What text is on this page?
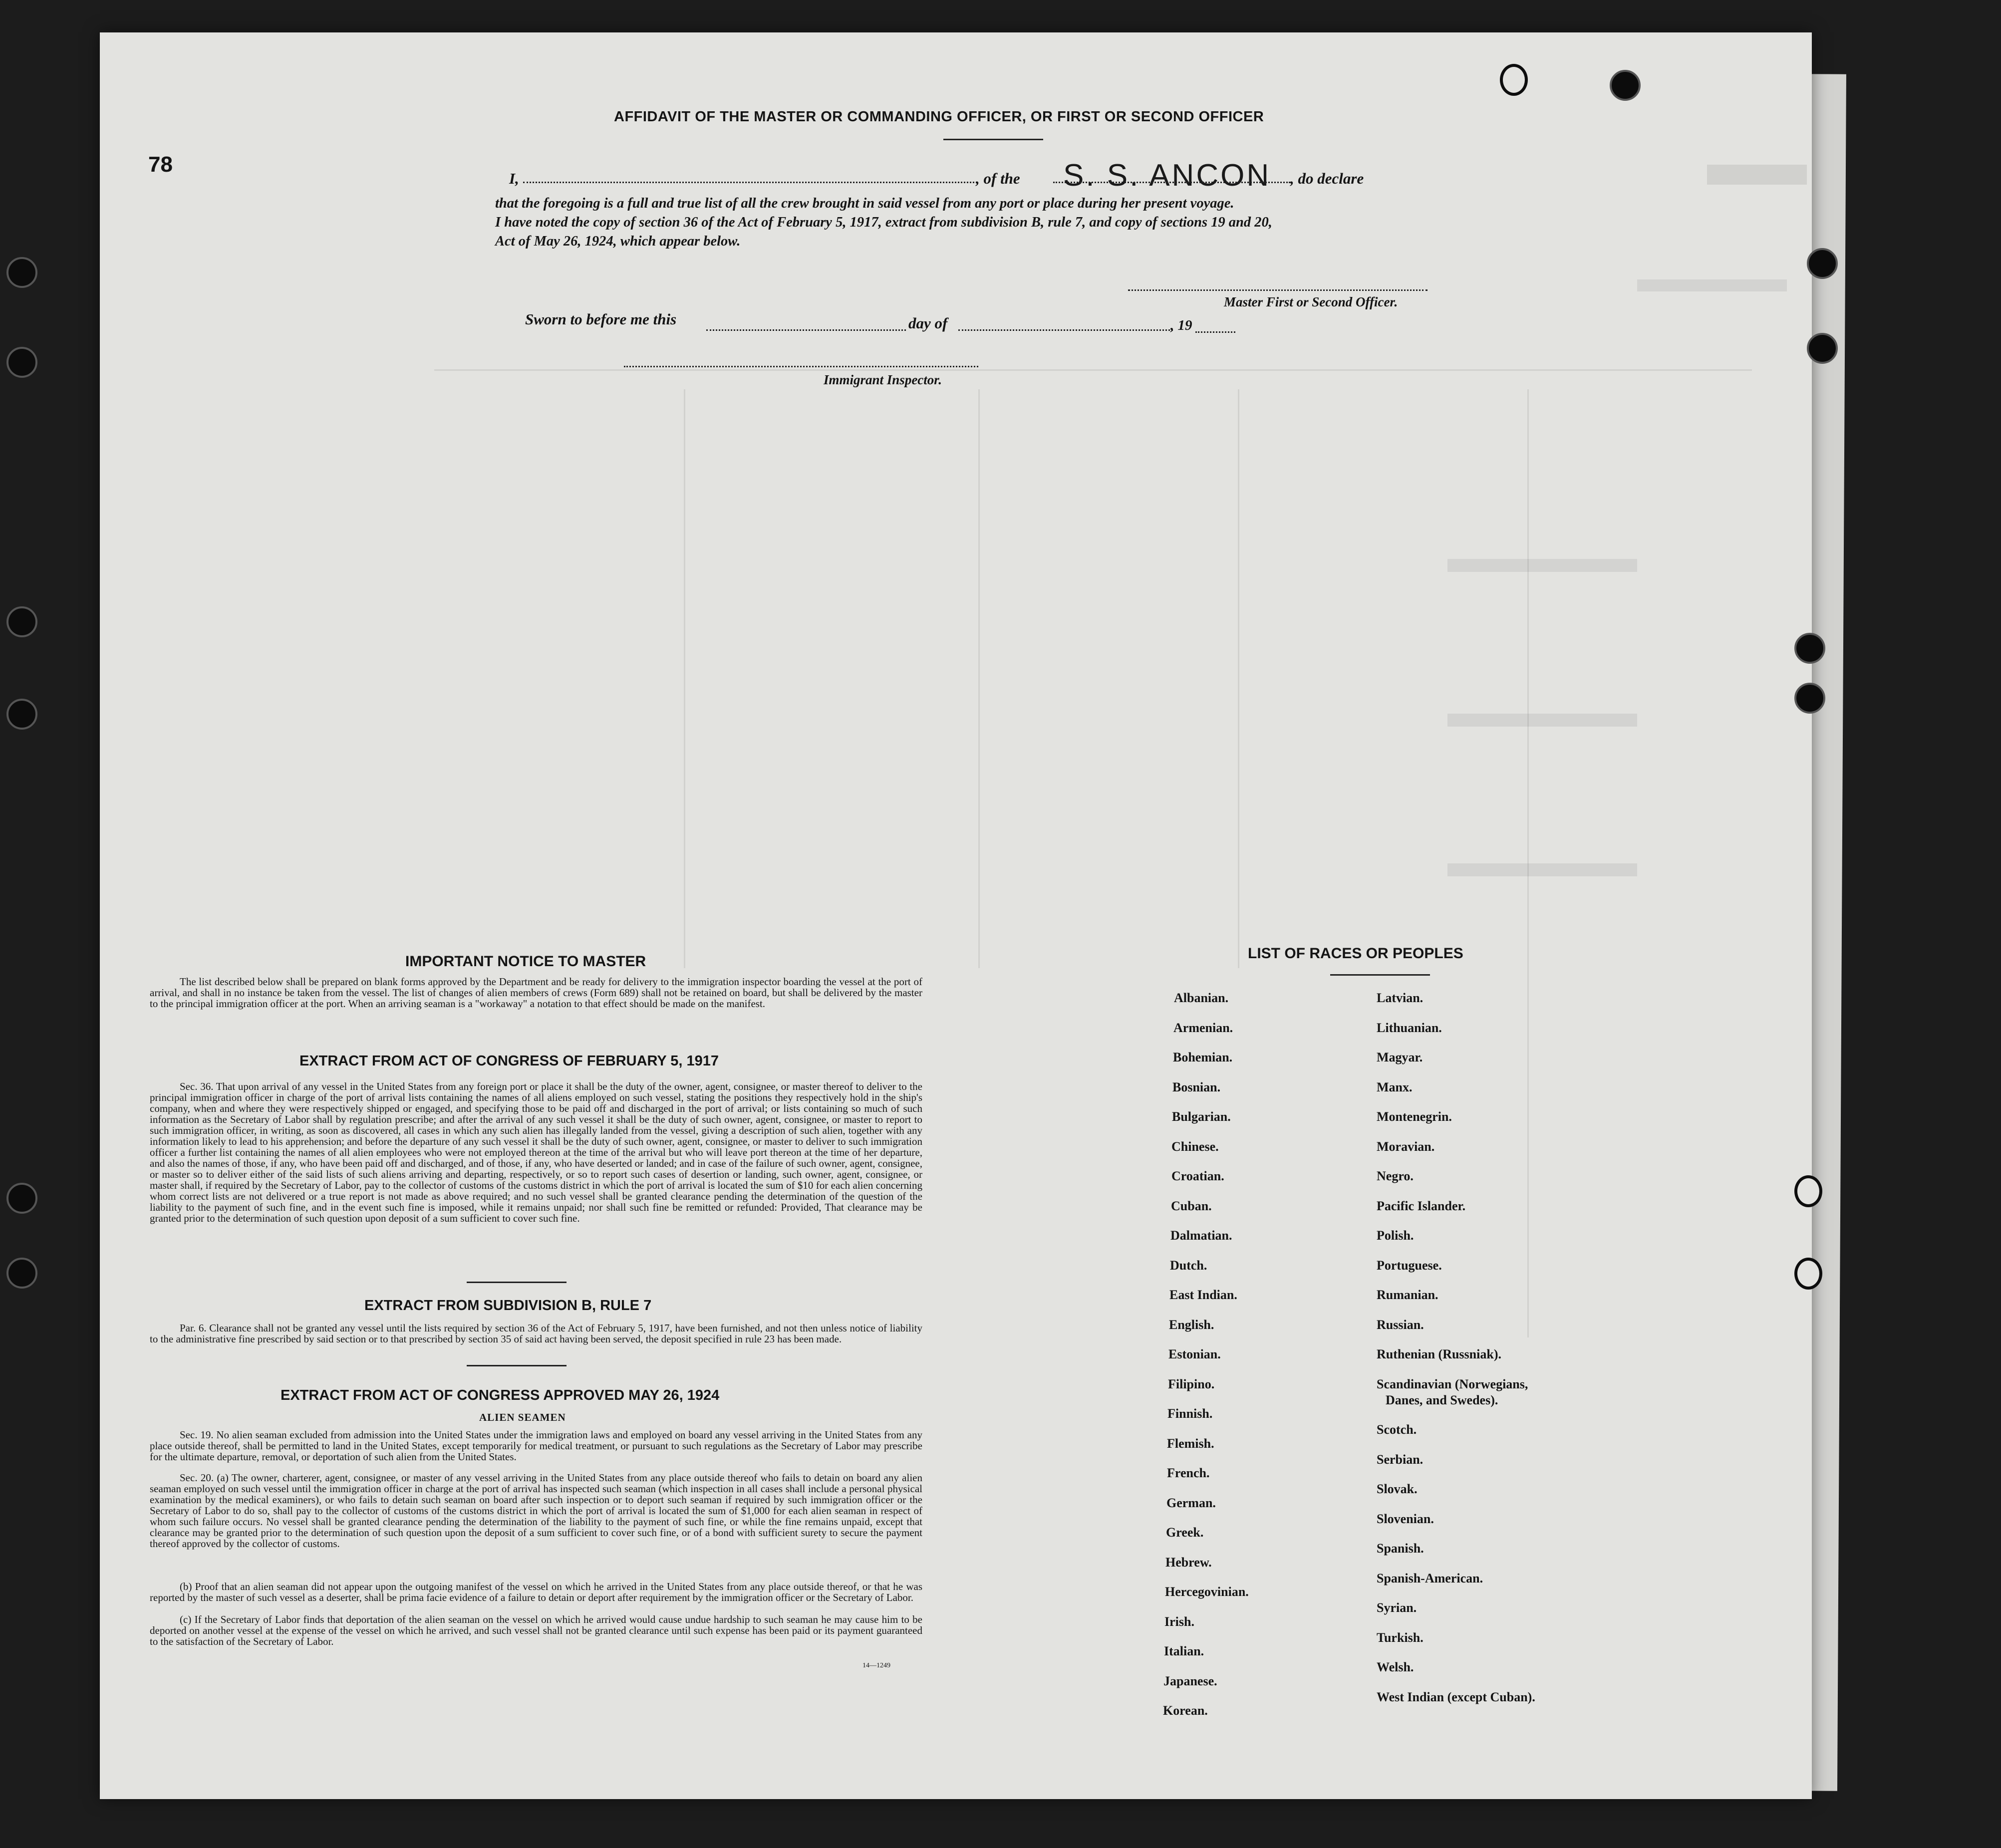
78
AFFIDAVIT OF THE MASTER OR COMMANDING OFFICER, OR FIRST OR SECOND OFFICER
I,	, of the S. S. ANCON , do declare
that the foregoing is a full and true list of all the crew brought in said vessel from any port or place during her present voyage.
I have noted the copy of section 36 of the Act of February 5, 1917, extract from subdivision B, rule 7, and copy of sections 19 and 20,
Act of May 26, 1924, which appear below.
Master First or Second Officer.
Sworn to before me this	day of	, 19
Immigrant Inspector.
IMPORTANT NOTICE TO MASTER
The list described below shall be prepared on blank forms approved by the Department and be ready for delivery to the immigration inspector boarding the vessel at the port of arrival, and shall in no instance be taken from the vessel. The list of changes of alien members of crews (Form 689) shall not be retained on board, but shall be delivered by the master to the principal immigration officer at the port. When an arriving seaman is a "workaway" a notation to that effect should be made on the manifest.
EXTRACT FROM ACT OF CONGRESS OF FEBRUARY 5, 1917
Sec. 36. That upon arrival of any vessel in the United States from any foreign port or place it shall be the duty of the owner, agent, consignee, or master thereof to deliver to the principal immigration officer in charge of the port of arrival lists containing the names of all aliens employed on such vessel, stating the positions they respectively hold in the ship's company, when and where they were respectively shipped or engaged, and specifying those to be paid off and discharged in the port of arrival; or lists containing so much of such information as the Secretary of Labor shall by regulation prescribe; and after the arrival of any such vessel it shall be the duty of such owner, agent, consignee, or master to report to such immigration officer, in writing, as soon as discovered, all cases in which any such alien has illegally landed from the vessel, giving a description of such alien, together with any information likely to lead to his apprehension; and before the departure of any such vessel it shall be the duty of such owner, agent, consignee, or master to deliver to such immigration officer a further list containing the names of all alien employees who were not employed thereon at the time of the arrival but who will leave port thereon at the time of her departure, and also the names of those, if any, who have been paid off and discharged, and of those, if any, who have deserted or landed; and in case of the failure of such owner, agent, consignee, or master so to deliver either of the said lists of such aliens arriving and departing, respectively, or so to report such cases of desertion or landing, such owner, agent, consignee, or master shall, if required by the Secretary of Labor, pay to the collector of customs of the customs district in which the port of arrival is located the sum of $10 for each alien concerning whom correct lists are not delivered or a true report is not made as above required; and no such vessel shall be granted clearance pending the determination of the question of the liability to the payment of such fine, and in the event such fine is imposed, while it remains unpaid; nor shall such fine be remitted or refunded: Provided, That clearance may be granted prior to the determination of such question upon deposit of a sum sufficient to cover such fine.
EXTRACT FROM SUBDIVISION B, RULE 7
Par. 6. Clearance shall not be granted any vessel until the lists required by section 36 of the Act of February 5, 1917, have been furnished, and not then unless notice of liability to the administrative fine prescribed by said section or to that prescribed by section 35 of said act having been served, the deposit specified in rule 23 has been made.
EXTRACT FROM ACT OF CONGRESS APPROVED MAY 26, 1924
ALIEN SEAMEN
Sec. 19. No alien seaman excluded from admission into the United States under the immigration laws and employed on board any vessel arriving in the United States from any place outside thereof, shall be permitted to land in the United States, except temporarily for medical treatment, or pursuant to such regulations as the Secretary of Labor may prescribe for the ultimate departure, removal, or deportation of such alien from the United States.
Sec. 20. (a) The owner, charterer, agent, consignee, or master of any vessel arriving in the United States from any place outside thereof who fails to detain on board any alien seaman employed on such vessel until the immigration officer in charge at the port of arrival has inspected such seaman (which inspection in all cases shall include a personal physical examination by the medical examiners), or who fails to detain such seaman on board after such inspection or to deport such seaman if required by such immigration officer or the Secretary of Labor to do so, shall pay to the collector of customs of the customs district in which the port of arrival is located the sum of $1,000 for each alien seaman in respect of whom such failure occurs. No vessel shall be granted clearance pending the determination of the liability to the payment of such fine, or while the fine remains unpaid, except that clearance may be granted prior to the determination of such question upon the deposit of a sum sufficient to cover such fine, or of a bond with sufficient surety to secure the payment thereof approved by the collector of customs.
(b) Proof that an alien seaman did not appear upon the outgoing manifest of the vessel on which he arrived in the United States from any place outside thereof, or that he was reported by the master of such vessel as a deserter, shall be prima facie evidence of a failure to detain or deport after requirement by the immigration officer or the Secretary of Labor.
(c) If the Secretary of Labor finds that deportation of the alien seaman on the vessel on which he arrived would cause undue hardship to such seaman he may cause him to be deported on another vessel at the expense of the vessel on which he arrived, and such vessel shall not be granted clearance until such expense has been paid or its payment guaranteed to the satisfaction of the Secretary of Labor.
14—1249
LIST OF RACES OR PEOPLES
Albanian.
Armenian.
Bohemian.
Bosnian.
Bulgarian.
Chinese.
Croatian.
Cuban.
Dalmatian.
Dutch.
East Indian.
English.
Estonian.
Filipino.
Finnish.
Flemish.
French.
German.
Greek.
Hebrew.
Hercegovinian.
Irish.
Italian.
Japanese.
Korean.
Latvian.
Lithuanian.
Magyar.
Manx.
Montenegrin.
Moravian.
Negro.
Pacific Islander.
Polish.
Portuguese.
Rumanian.
Russian.
Ruthenian (Russniak).
Scandinavian (Norwegians,
Danes, and Swedes).
Scotch.
Serbian.
Slovak.
Slovenian.
Spanish.
Spanish-American.
Syrian.
Turkish.
Welsh.
West Indian (except Cuban).
